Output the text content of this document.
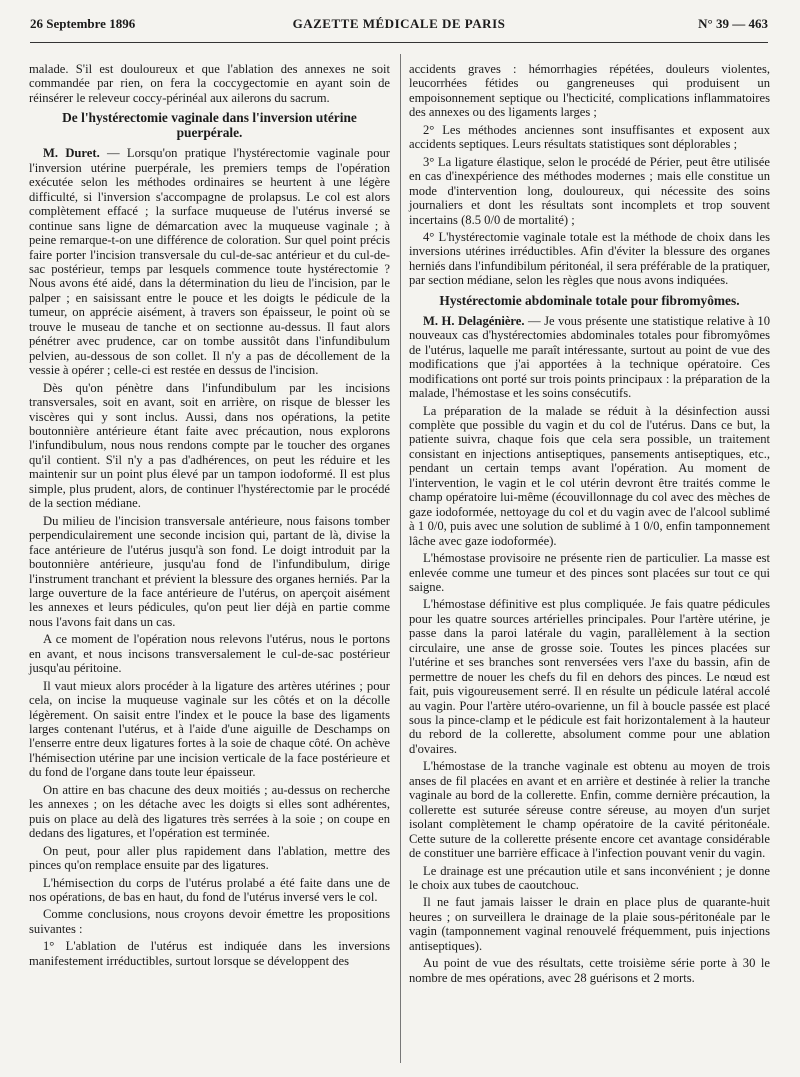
26 Septembre 1896	GAZETTE MÉDICALE DE PARIS	N° 39 — 463

malade. S'il est douloureux et que l'ablation des annexes ne soit commandée par rien, on fera la coccygectomie en ayant soin de réinsérer le releveur coccy-périnéal aux ailerons du sacrum.

De l'hystérectomie vaginale dans l'inversion utérine puerpérale.

M. Duret. — Lorsqu'on pratique l'hystérectomie vaginale pour l'inversion utérine puerpérale, les premiers temps de l'opération exécutée selon les méthodes ordinaires se heurtent à une légère difficulté, si l'inversion s'accompagne de prolapsus. Le col est alors complètement effacé ; la surface muqueuse de l'utérus inversé se continue sans ligne de démarcation avec la muqueuse vaginale ; à peine remarque-t-on une différence de coloration. Sur quel point précis faire porter l'incision transversale du cul-de-sac antérieur et du cul-de-sac postérieur, temps par lesquels commence toute hystérectomie ? Nous avons été aidé, dans la détermination du lieu de l'incision, par le palper ; en saisissant entre le pouce et les doigts le pédicule de la tumeur, on apprécie aisément, à travers son épaisseur, le point où se trouve le museau de tanche et on sectionne au-dessus. Il faut alors pénétrer avec prudence, car on tombe aussitôt dans l'infundibulum pelvien, au-dessous de son collet. Il n'y a pas de décollement de la vessie à opérer ; celle-ci est restée en dessus de l'incision.

Dès qu'on pénètre dans l'infundibulum par les incisions transversales, soit en avant, soit en arrière, on risque de blesser les viscères qui y sont inclus. Aussi, dans nos opérations, la petite boutonnière antérieure étant faite avec précaution, nous explorons l'infundibulum, nous nous rendons compte par le toucher des organes qu'il contient. S'il n'y a pas d'adhérences, on peut les réduire et les maintenir sur un point plus élevé par un tampon iodoformé. Il est plus simple, plus prudent, alors, de continuer l'hystérectomie par le procédé de la section médiane.

Du milieu de l'incision transversale antérieure, nous faisons tomber perpendiculairement une seconde incision qui, partant de là, divise la face antérieure de l'utérus jusqu'à son fond. Le doigt introduit par la boutonnière antérieure, jusqu'au fond de l'infundibulum, dirige l'instrument tranchant et prévient la blessure des organes herniés. Par la large ouverture de la face antérieure de l'utérus, on aperçoit aisément les annexes et leurs pédicules, qu'on peut lier déjà en partie comme nous l'avons fait dans un cas.

A ce moment de l'opération nous relevons l'utérus, nous le portons en avant, et nous incisons transversalement le cul-de-sac postérieur jusqu'au péritoine.

Il vaut mieux alors procéder à la ligature des artères utérines ; pour cela, on incise la muqueuse vaginale sur les côtés et on la décolle légèrement. On saisit entre l'index et le pouce la base des ligaments larges contenant l'utérus, et à l'aide d'une aiguille de Deschamps on l'enserre entre deux ligatures fortes à la soie de chaque côté. On achève l'hémisection utérine par une incision verticale de la face postérieure et du fond de l'organe dans toute leur épaisseur.

On attire en bas chacune des deux moitiés ; au-dessus on recherche les annexes ; on les détache avec les doigts si elles sont adhérentes, puis on place au delà des ligatures très serrées à la soie ; on coupe en dedans des ligatures, et l'opération est terminée.

On peut, pour aller plus rapidement dans l'ablation, mettre des pinces qu'on remplace ensuite par des ligatures.

L'hémisection du corps de l'utérus prolabé a été faite dans une de nos opérations, de bas en haut, du fond de l'utérus inversé vers le col.

Comme conclusions, nous croyons devoir émettre les propositions suivantes :

1° L'ablation de l'utérus est indiquée dans les inversions manifestement irréductibles, surtout lorsque se développent des

accidents graves : hémorrhagies répétées, douleurs violentes, leucorrhées fétides ou gangreneuses qui produisent un empoisonnement septique ou l'hecticité, complications inflammatoires des annexes ou des ligaments larges ;

2° Les méthodes anciennes sont insuffisantes et exposent aux accidents septiques. Leurs résultats statistiques sont déplorables ;

3° La ligature élastique, selon le procédé de Périer, peut être utilisée en cas d'inexpérience des méthodes modernes ; mais elle constitue un mode d'intervention long, douloureux, qui nécessite des soins journaliers et dont les résultats sont incomplets et trop souvent incertains (8.5 0/0 de mortalité) ;

4° L'hystérectomie vaginale totale est la méthode de choix dans les inversions utérines irréductibles. Afin d'éviter la blessure des organes herniés dans l'infundibilum péritonéal, il sera préférable de la pratiquer, par section médiane, selon les règles que nous avons indiquées.

Hystérectomie abdominale totale pour fibromyômes.

M. H. Delagénière. — Je vous présente une statistique relative à 10 nouveaux cas d'hystérectomies abdominales totales pour fibromyômes de l'utérus, laquelle me paraît intéressante, surtout au point de vue des modifications que j'ai apportées à la technique opératoire. Ces modifications ont porté sur trois points principaux : la préparation de la malade, l'hémostase et les soins consécutifs.

La préparation de la malade se réduit à la désinfection aussi complète que possible du vagin et du col de l'utérus. Dans ce but, la patiente suivra, chaque fois que cela sera possible, un traitement consistant en injections antiseptiques, pansements antiseptiques, etc., pendant un certain temps avant l'opération. Au moment de l'intervention, le vagin et le col utérin devront être traités comme le champ opératoire lui-même (écouvillonnage du col avec des mèches de gaze iodoformée, nettoyage du col et du vagin avec de l'alcool sublimé à 1 0/0, puis avec une solution de sublimé à 1 0/0, enfin tamponnement lâche avec gaze iodoformée).

L'hémostase provisoire ne présente rien de particulier. La masse est enlevée comme une tumeur et des pinces sont placées sur tout ce qui saigne.

L'hémostase définitive est plus compliquée. Je fais quatre pédicules pour les quatre sources artérielles principales. Pour l'artère utérine, je passe dans la paroi latérale du vagin, parallèlement à la section circulaire, une anse de grosse soie. Toutes les pinces placées sur l'utérine et ses branches sont renversées vers l'axe du bassin, afin de permettre de nouer les chefs du fil en dehors des pinces. Le nœud est fait, puis vigoureusement serré. Il en résulte un pédicule latéral accolé au vagin. Pour l'artère utéro-ovarienne, un fil à boucle passée est placé sous la pince-clamp et le pédicule est fait horizontalement à la hauteur du rebord de la collerette, absolument comme pour une ablation d'ovaires.

L'hémostase de la tranche vaginale est obtenu au moyen de trois anses de fil placées en avant et en arrière et destinée à relier la tranche vaginale au bord de la collerette. Enfin, comme dernière précaution, la collerette est suturée séreuse contre séreuse, au moyen d'un surjet isolant complètement le champ opératoire de la cavité péritonéale. Cette suture de la collerette présente encore cet avantage considérable de constituer une barrière efficace à l'infection pouvant venir du vagin.

Le drainage est une précaution utile et sans inconvénient ; je donne le choix aux tubes de caoutchouc.

Il ne faut jamais laisser le drain en place plus de quarante-huit heures ; on surveillera le drainage de la plaie sous-péritonéale par le vagin (tamponnement vaginal renouvelé fréquemment, puis injections antiseptiques).

Au point de vue des résultats, cette troisième série porte à 30 le nombre de mes opérations, avec 28 guérisons et 2 morts.
